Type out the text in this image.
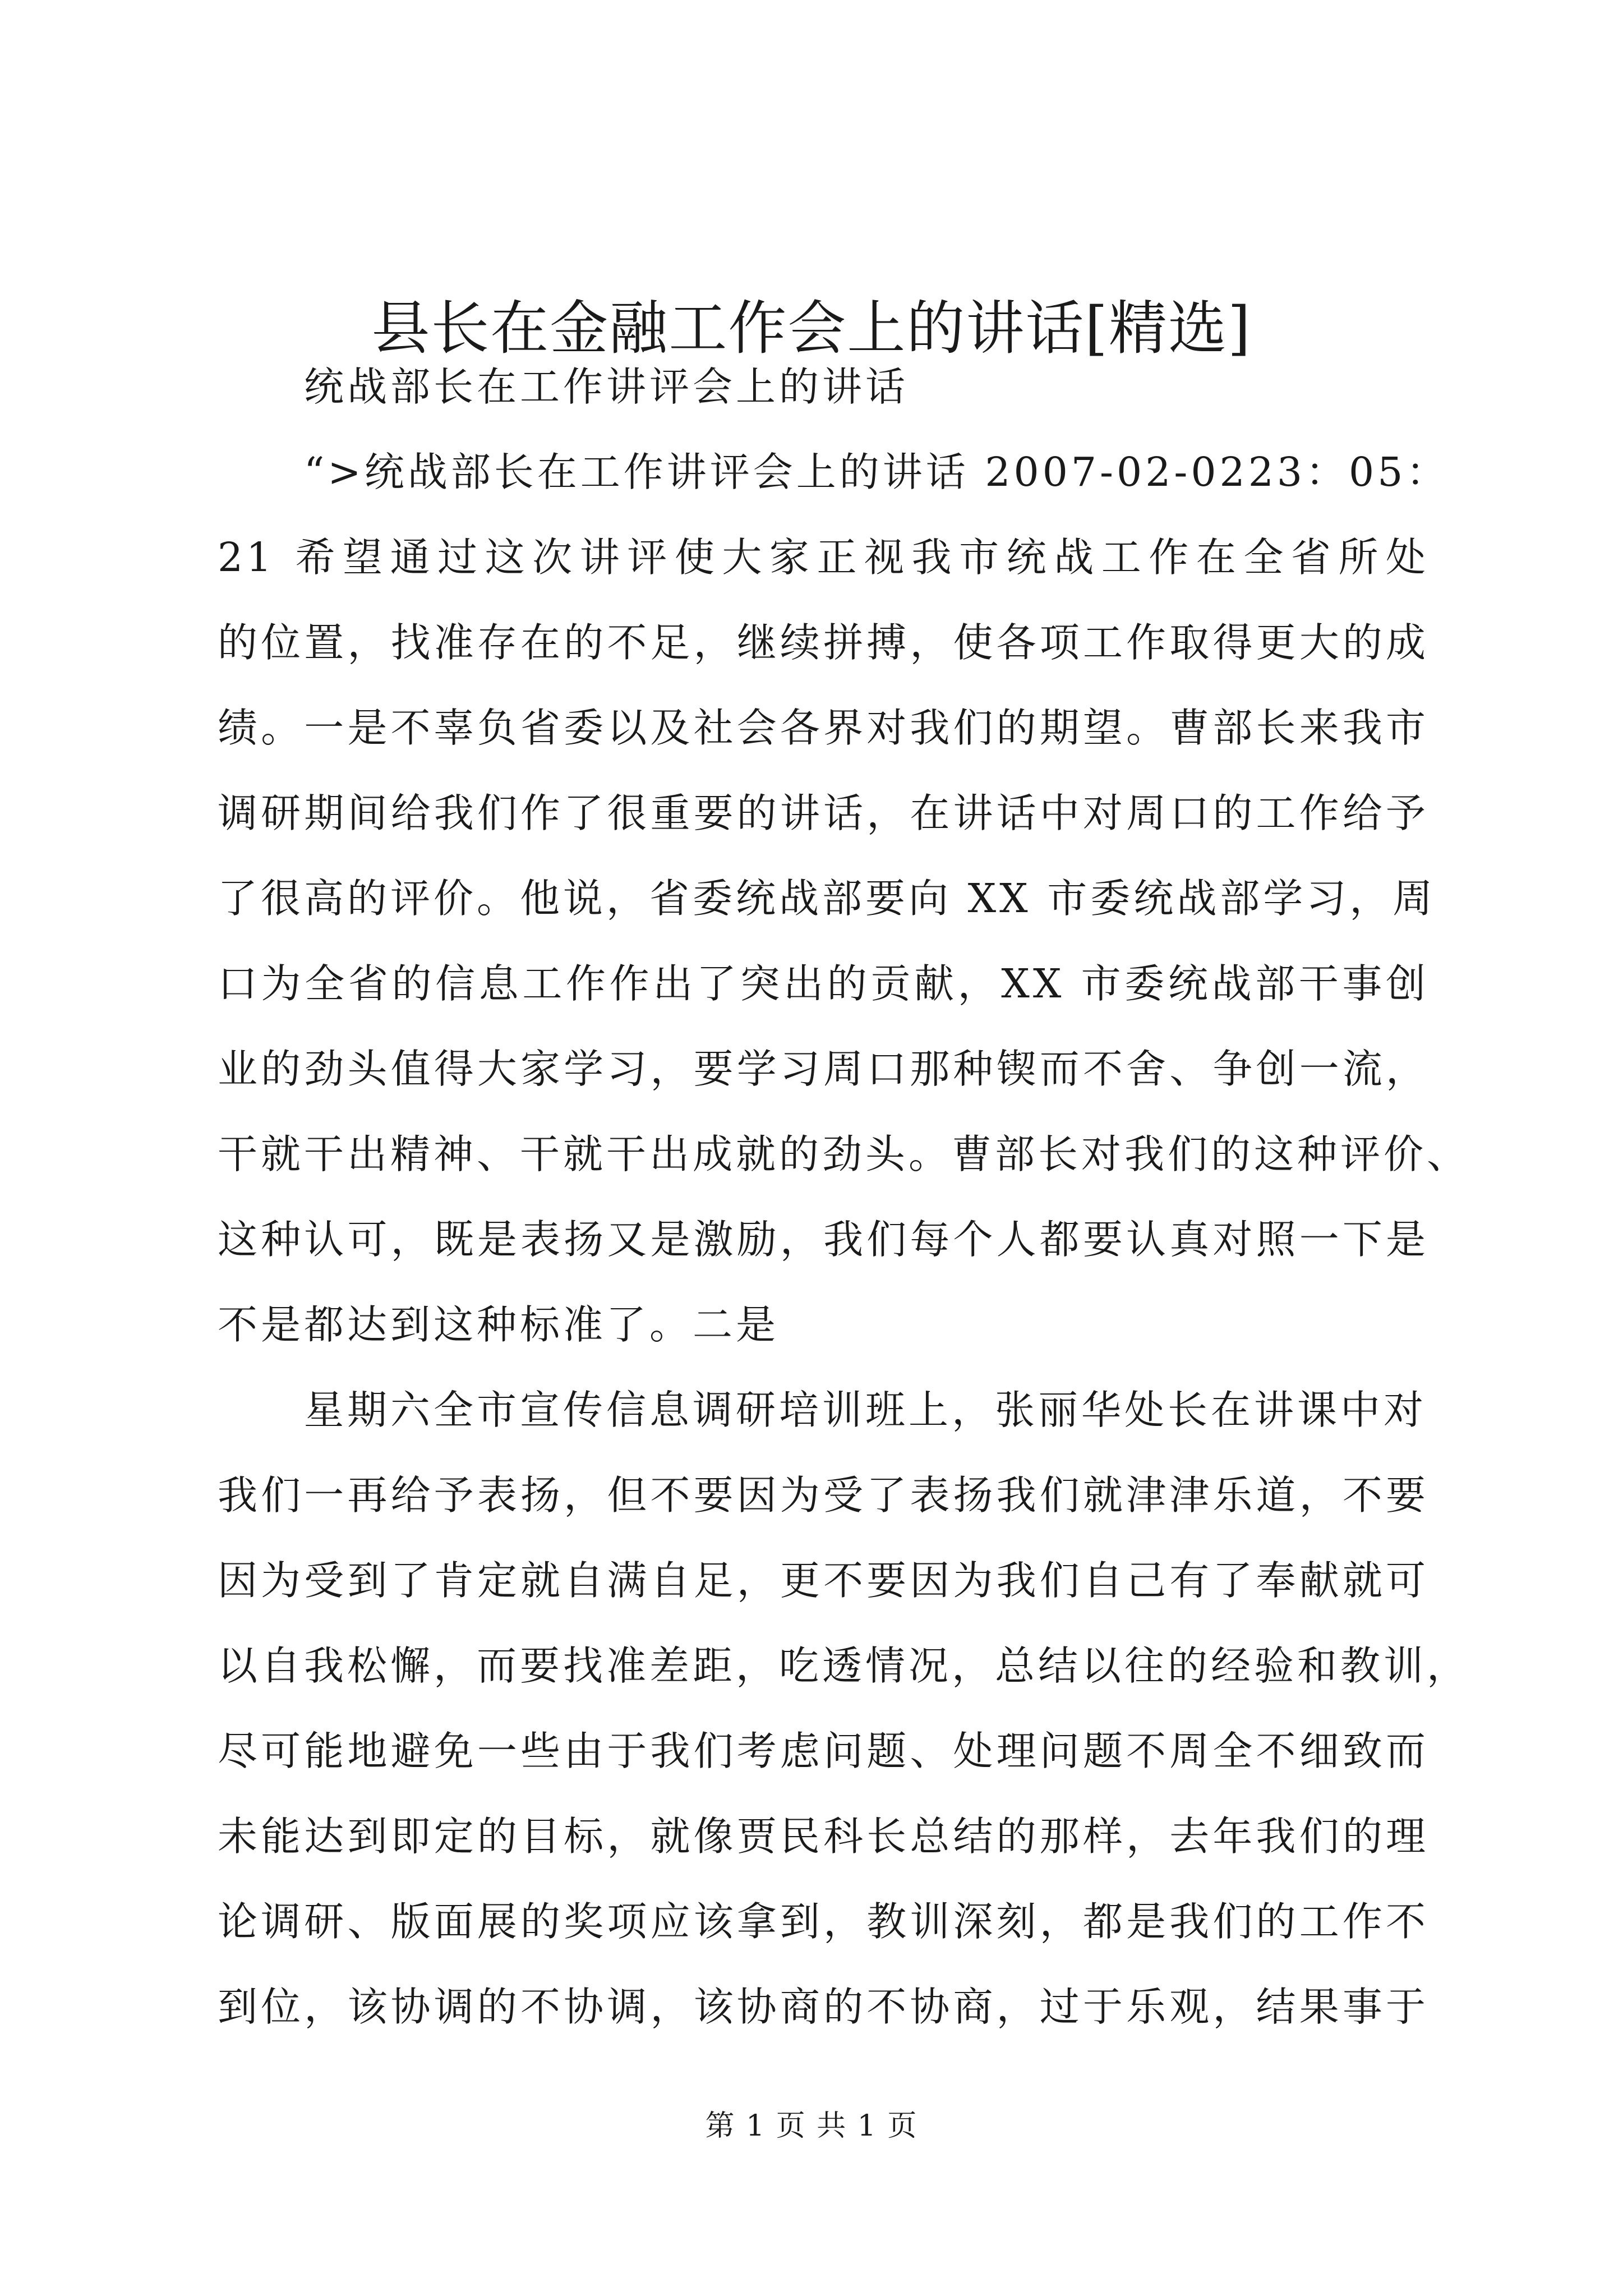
县长在金融工作会上的讲话[精选]
统战部长在工作讲评会上的讲话
“>统战部长在工作讲评会上的讲话 2007-02-0223：05：
21 希望通过这次讲评使大家正视我市统战工作在全省所处
的位置，找准存在的不足，继续拼搏，使各项工作取得更大的成
绩。一是不辜负省委以及社会各界对我们的期望。曹部长来我市
调研期间给我们作了很重要的讲话，在讲话中对周口的工作给予
了很高的评价。他说，省委统战部要向 XX 市委统战部学习，周
口为全省的信息工作作出了突出的贡献，XX 市委统战部干事创
业的劲头值得大家学习，要学习周口那种锲而不舍、争创一流，
干就干出精神、干就干出成就的劲头。曹部长对我们的这种评价、
这种认可，既是表扬又是激励，我们每个人都要认真对照一下是
不是都达到这种标准了。二是
星期六全市宣传信息调研培训班上，张丽华处长在讲课中对
我们一再给予表扬，但不要因为受了表扬我们就津津乐道，不要
因为受到了肯定就自满自足，更不要因为我们自己有了奉献就可
以自我松懈，而要找准差距，吃透情况，总结以往的经验和教训，
尽可能地避免一些由于我们考虑问题、处理问题不周全不细致而
未能达到即定的目标，就像贾民科长总结的那样，去年我们的理
论调研、版面展的奖项应该拿到，教训深刻，都是我们的工作不
到位，该协调的不协调，该协商的不协商，过于乐观，结果事于
第 1 页 共 1 页
